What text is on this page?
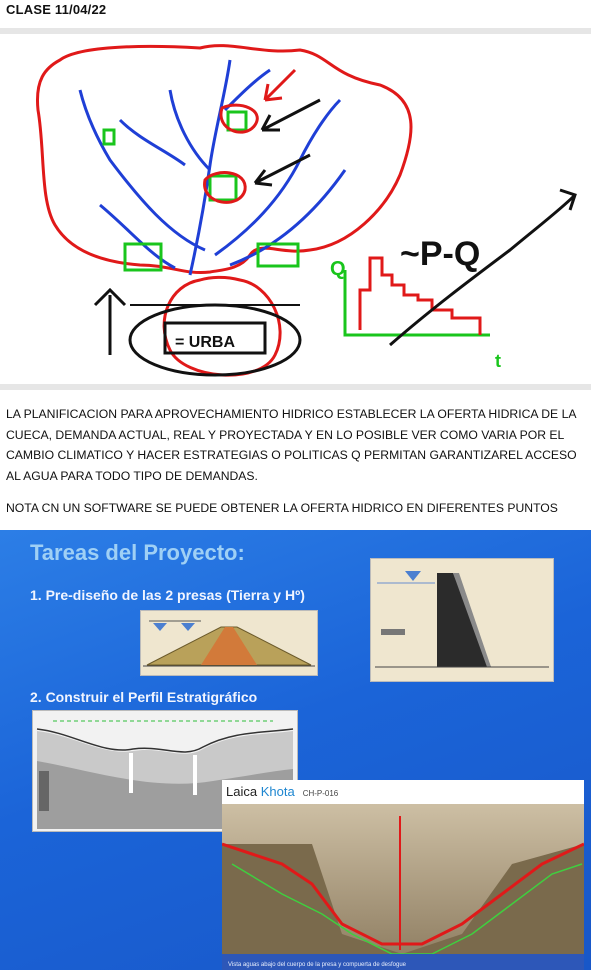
CLASE 11/04/22
= URBA
Q
t
~P-Q

LA PLANIFICACION PARA APROVECHAMIENTO HIDRICO ESTABLECER LA OFERTA HIDRICA DE LA CUECA, DEMANDA ACTUAL, REAL Y PROYECTADA Y EN LO POSIBLE VER COMO VARIA POR EL CAMBIO CLIMATICO Y HACER ESTRATEGIAS O POLITICAS Q PERMITAN GARANTIZAREL ACCESO AL AGUA PARA TODO TIPO DE DEMANDAS.

NOTA CN UN SOFTWARE SE PUEDE OBTENER LA OFERTA HIDRICO EN DIFERENTES PUNTOS

Tareas del Proyecto:

1. Pre-diseño de las 2 presas (Tierra y Hº)

2. Construir el Perfil Estratigráfico

Laica Khota CH-P-016
Vista aguas abajo del cuerpo de la presa y compuerta de desfogue
